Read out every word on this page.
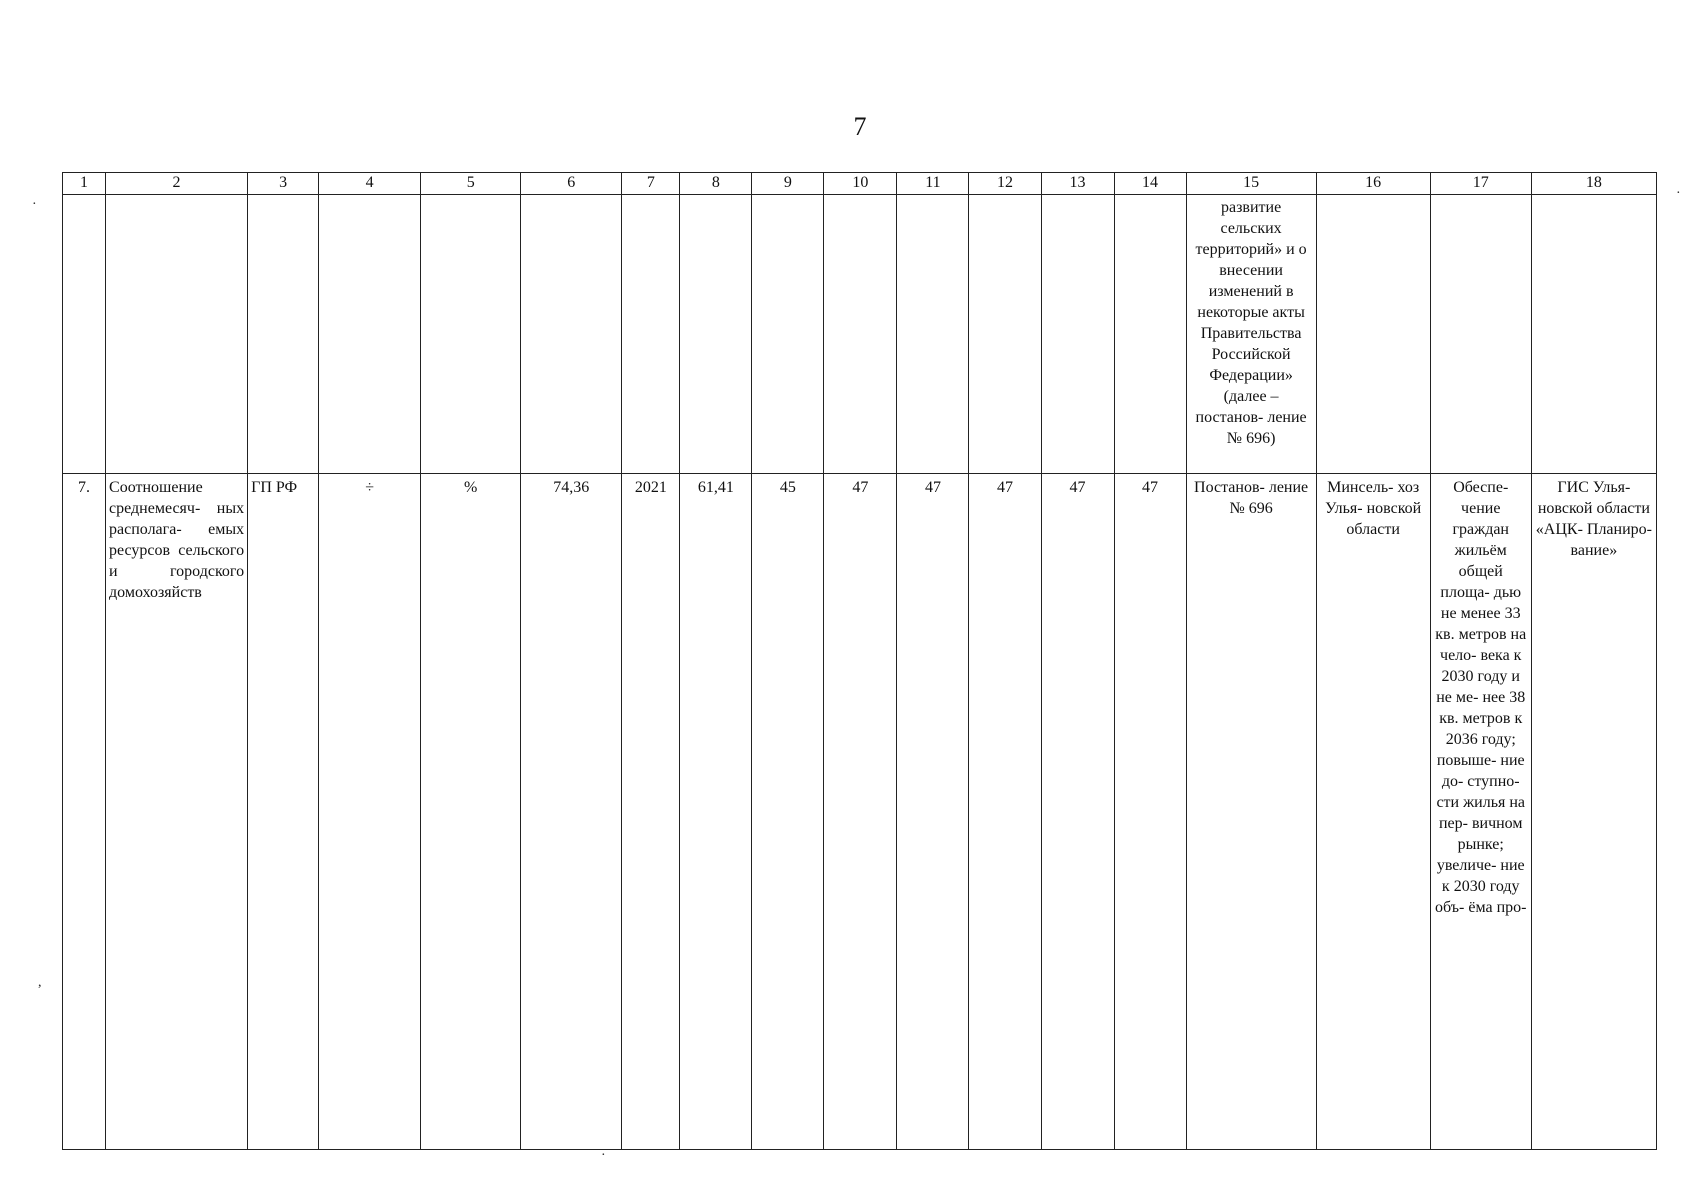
7
·
,
·
·
1	2	3	4	5	6	7	8	9	10	11	12	13	14	15	16	17	18
														развитие сельских территорий» и о внесении изменений в некоторые акты Правительства Российской Федерации» (далее – постанов- ление № 696)			
7.	Соотношение среднемесяч- ных располага- емых ресурсов сельского и городского домохозяйств	ГП РФ	÷	%	74,36	2021	61,41	45	47	47	47	47	47	Постанов- ление № 696	Минсель- хоз Улья- новской области	Обеспе- чение граждан жильём общей площа- дью не менее 33 кв. метров на чело- века к 2030 году и не ме- нее 38 кв. метров к 2036 году; повыше- ние до- ступно- сти жилья на пер- вичном рынке; увеличе- ние к 2030 году объ- ёма про-	ГИС Улья- новской области «АЦК- Планиро- вание»
